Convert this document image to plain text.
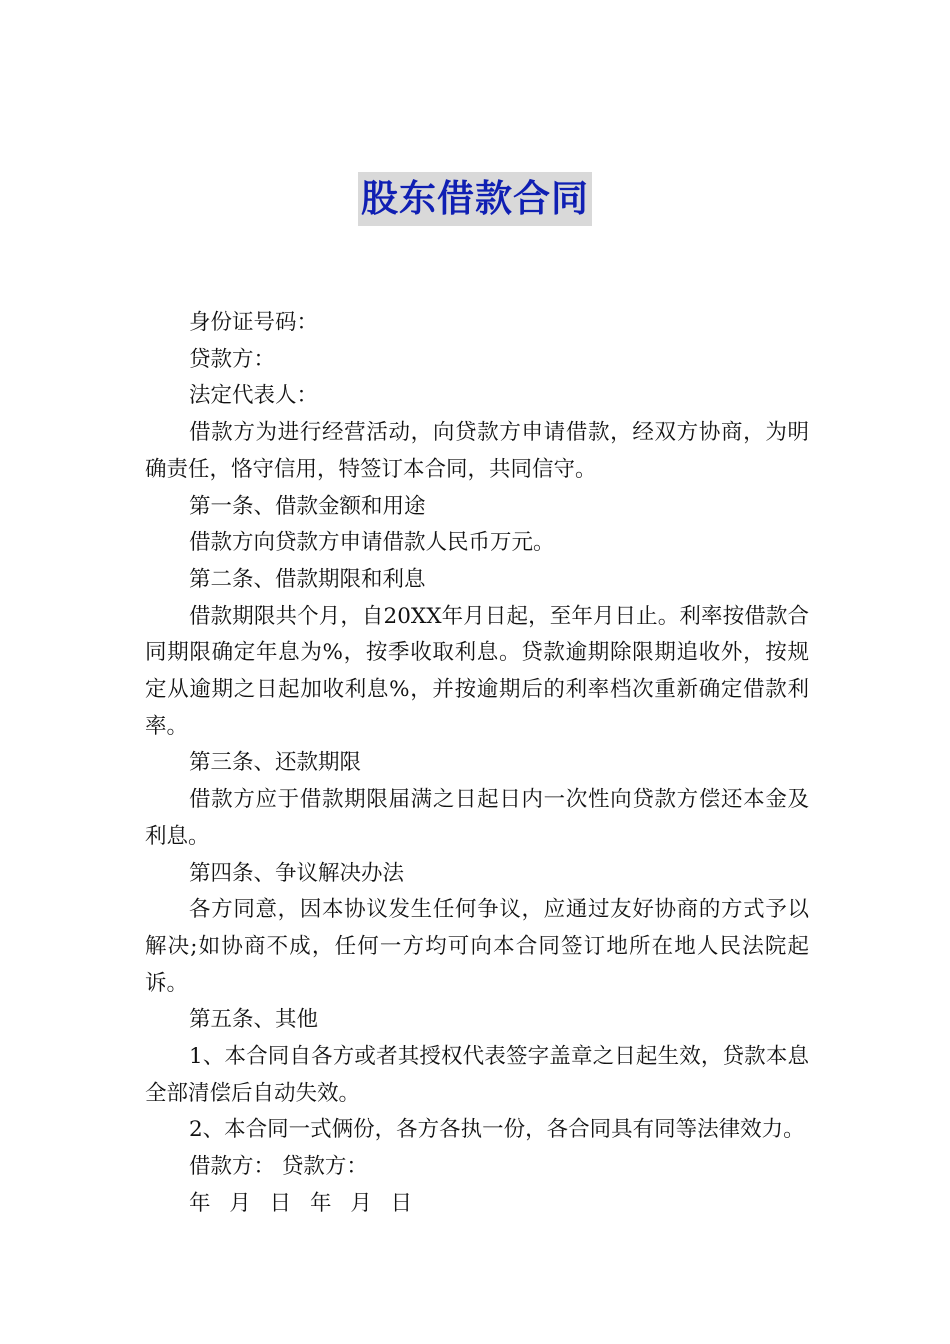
股东借款合同

身份证号码：

贷款方：

法定代表人：

借款方为进行经营活动，向贷款方申请借款，经双方协商，为明确责任，恪守信用，特签订本合同，共同信守。

第一条、借款金额和用途

借款方向贷款方申请借款人民币万元。

第二条、借款期限和利息

借款期限共个月，自20XX年月日起，至年月日止。利率按借款合同期限确定年息为%，按季收取利息。贷款逾期除限期追收外，按规定从逾期之日起加收利息%，并按逾期后的利率档次重新确定借款利率。

第三条、还款期限

借款方应于借款期限届满之日起日内一次性向贷款方偿还本金及利息。

第四条、争议解决办法

各方同意，因本协议发生任何争议，应通过友好协商的方式予以解决;如协商不成，任何一方均可向本合同签订地所在地人民法院起诉。

第五条、其他

1、本合同自各方或者其授权代表签字盖章之日起生效，贷款本息全部清偿后自动失效。

2、本合同一式俩份，各方各执一份，各合同具有同等法律效力。

借款方： 贷款方：

年 月 日 年 月 日
